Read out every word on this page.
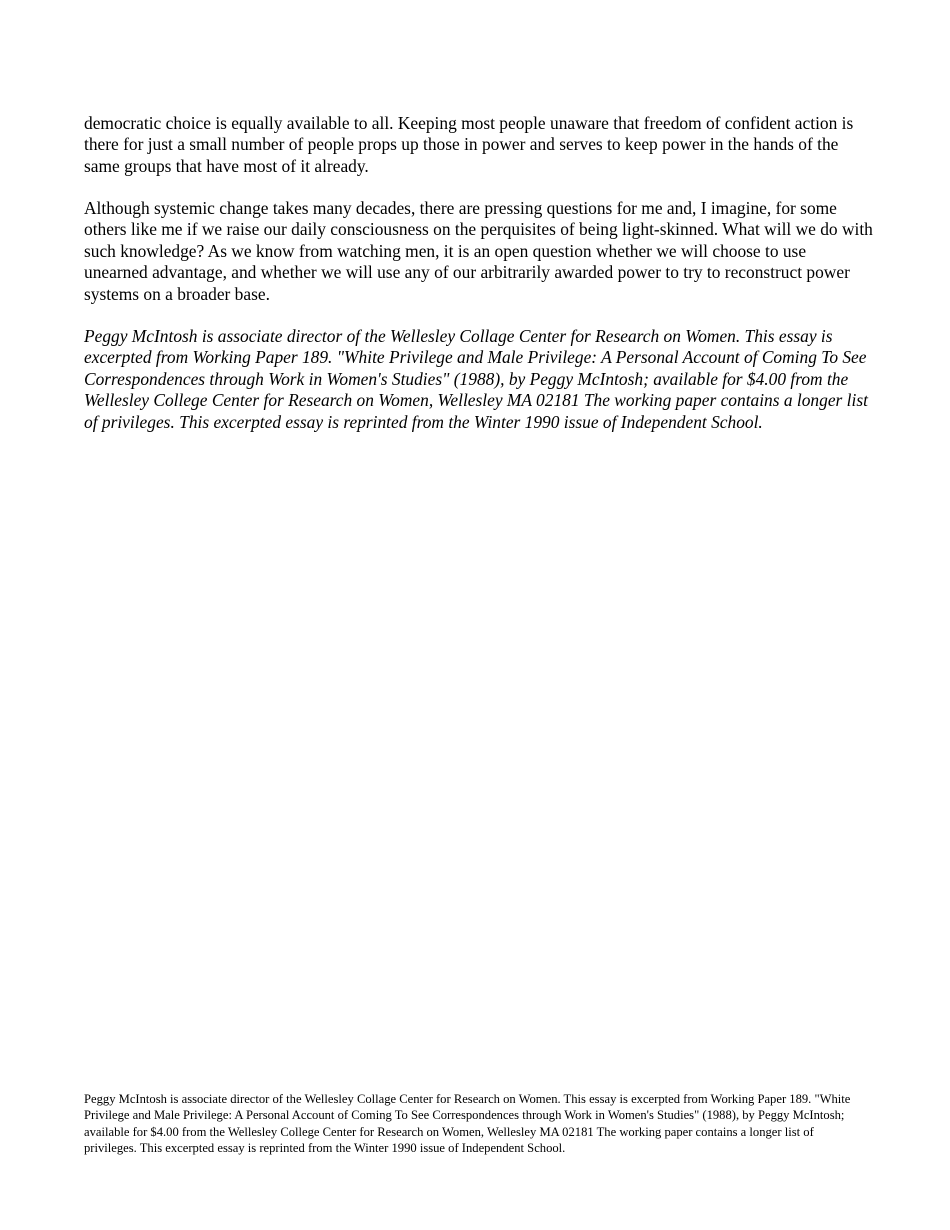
democratic choice is equally available to all. Keeping most people unaware that freedom of confident action is there for just a small number of people props up those in power and serves to keep power in the hands of the same groups that have most of it already.

Although systemic change takes many decades, there are pressing questions for me and, I imagine, for some others like me if we raise our daily consciousness on the perquisites of being light-skinned. What will we do with such knowledge? As we know from watching men, it is an open question whether we will choose to use unearned advantage, and whether we will use any of our arbitrarily awarded power to try to reconstruct power systems on a broader base.

Peggy McIntosh is associate director of the Wellesley Collage Center for Research on Women. This essay is excerpted from Working Paper 189. "White Privilege and Male Privilege: A Personal Account of Coming To See Correspondences through Work in Women's Studies" (1988), by Peggy McIntosh; available for $4.00 from the Wellesley College Center for Research on Women, Wellesley MA 02181 The working paper contains a longer list of privileges. This excerpted essay is reprinted from the Winter 1990 issue of Independent School.

Peggy McIntosh is associate director of the Wellesley Collage Center for Research on Women. This essay is excerpted from Working Paper 189. "White Privilege and Male Privilege: A Personal Account of Coming To See Correspondences through Work in Women's Studies" (1988), by Peggy McIntosh; available for $4.00 from the Wellesley College Center for Research on Women, Wellesley MA 02181 The working paper contains a longer list of privileges. This excerpted essay is reprinted from the Winter 1990 issue of Independent School.
